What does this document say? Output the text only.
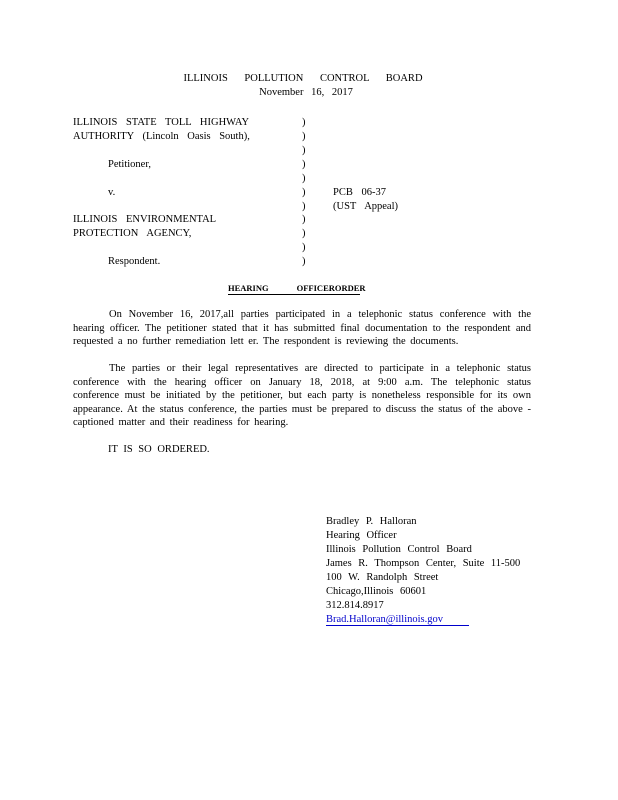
ILLINOIS POLLUTION CONTROL BOARD
November 16, 2017
ILLINOIS STATE TOLL HIGHWAY
AUTHORITY (Lincoln Oasis South),
Petitioner,
v.
ILLINOIS ENVIRONMENTAL
PROTECTION AGENCY,
Respondent.
PCB 06-37
(UST Appeal)
)
)
)
)
)
)
)
)
)
)
)
HEARING	OFFICERORDER

On November 16, 2017,all parties participated in a telephonic status conference with the hearing officer. The petitioner stated that it has submitted final documentation to the respondent and requested a no further remediation lett er. The respondent is reviewing the documents.

The parties or their legal representatives are directed to participate in a telephonic status conference with the hearing officer on January 18, 2018, at 9:00 a.m. The telephonic status conference must be initiated by the petitioner, but each party is nonetheless responsible for its own appearance. At the status conference, the parties must be prepared to discuss the status of the above -captioned matter and their readiness for hearing.

IT IS SO ORDERED.
Bradley P. Halloran
Hearing Officer
Illinois Pollution Control Board
James R. Thompson Center, Suite 11-500
100 W. Randolph Street
Chicago,Illinois 60601
312.814.8917
Brad.Halloran@illinois.gov
